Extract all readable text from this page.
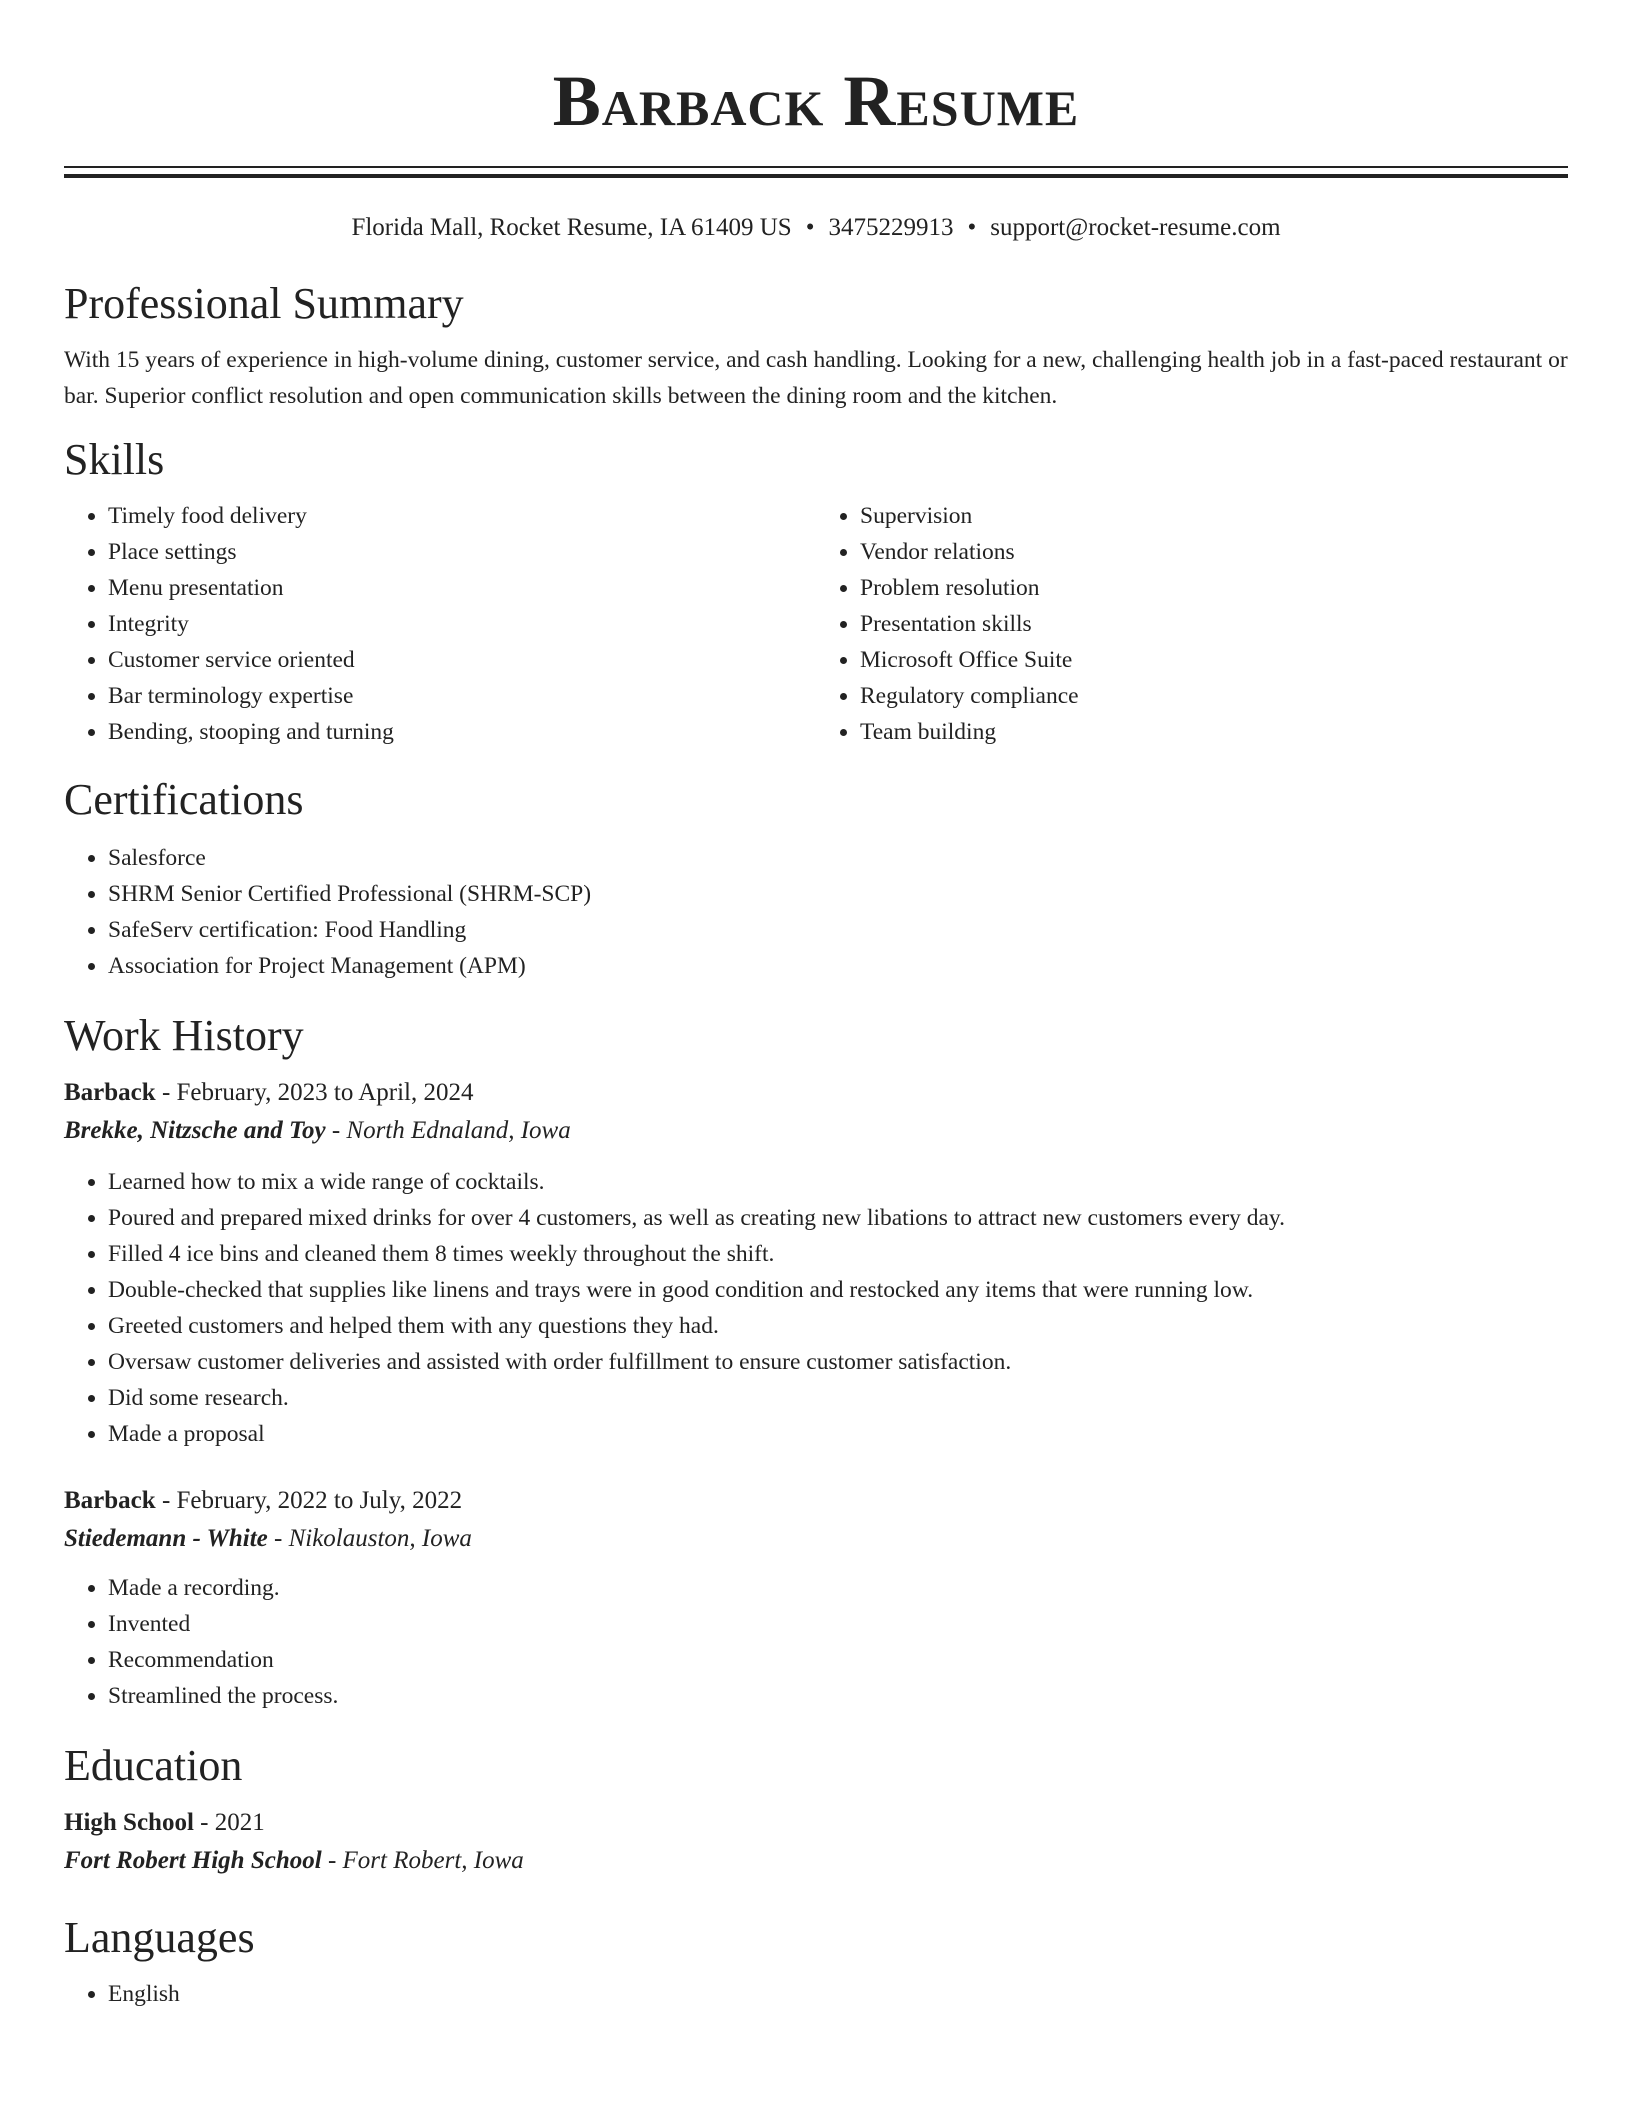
Barback Resume
Florida Mall, Rocket Resume, IA 61409 US • 3475229913 • support@rocket-resume.com
Professional Summary

With 15 years of experience in high-volume dining, customer service, and cash handling. Looking for a new, challenging health job in a fast-paced restaurant or bar. Superior conflict resolution and open communication skills between the dining room and the kitchen.

Skills
• Timely food delivery
• Place settings
• Menu presentation
• Integrity
• Customer service oriented
• Bar terminology expertise
• Bending, stooping and turning
• Supervision
• Vendor relations
• Problem resolution
• Presentation skills
• Microsoft Office Suite
• Regulatory compliance
• Team building
Certifications
• Salesforce
• SHRM Senior Certified Professional (SHRM-SCP)
• SafeServ certification: Food Handling
• Association for Project Management (APM)
Work History
Barback - February, 2023 to April, 2024
Brekke, Nitzsche and Toy - North Ednaland, Iowa
• Learned how to mix a wide range of cocktails.
• Poured and prepared mixed drinks for over 4 customers, as well as creating new libations to attract new customers every day.
• Filled 4 ice bins and cleaned them 8 times weekly throughout the shift.
• Double-checked that supplies like linens and trays were in good condition and restocked any items that were running low.
• Greeted customers and helped them with any questions they had.
• Oversaw customer deliveries and assisted with order fulfillment to ensure customer satisfaction.
• Did some research.
• Made a proposal
Barback - February, 2022 to July, 2022
Stiedemann - White - Nikolauston, Iowa
• Made a recording.
• Invented
• Recommendation
• Streamlined the process.
Education
High School - 2021
Fort Robert High School - Fort Robert, Iowa
Languages
• English
